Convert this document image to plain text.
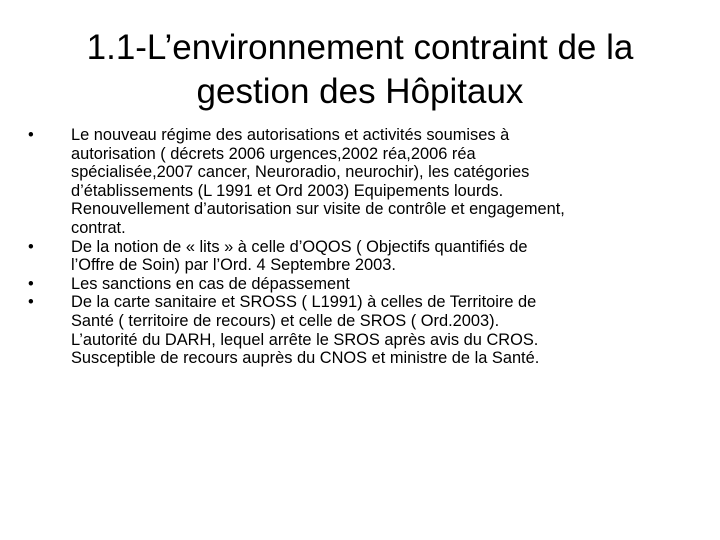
1.1-L’environnement contraint de la
gestion des Hôpitaux
•	Le nouveau régime des autorisations et activités soumises à
autorisation ( décrets 2006 urgences,2002 réa,2006 réa
spécialisée,2007 cancer, Neuroradio, neurochir), les catégories
d’établissements (L 1991 et Ord 2003) Equipements lourds.
Renouvellement d’autorisation sur visite de contrôle et engagement,
contrat.
•	De la notion de « lits » à celle d’OQOS ( Objectifs quantifiés de
l’Offre de Soin) par l’Ord. 4 Septembre 2003.
•	Les sanctions en cas de dépassement
•	De la carte sanitaire et SROSS ( L1991) à celles de Territoire de
Santé ( territoire de recours) et celle de SROS ( Ord.2003).
L’autorité du DARH, lequel arrête le SROS après avis du CROS.
Susceptible de recours auprès du CNOS et ministre de la Santé.
